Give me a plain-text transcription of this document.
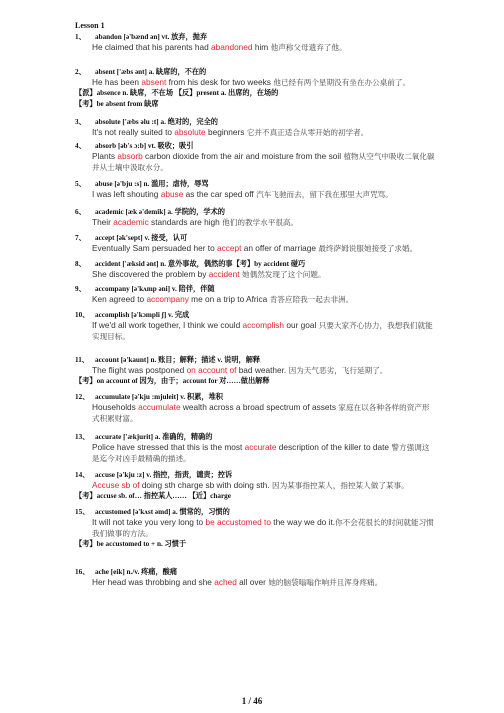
Lesson 1
1、 abandon [ə'bænd ən] vt. 放弃，抛弃
He claimed that his parents had abandoned him 他声称父母遗弃了他。
2、 absent ['æbs ənt] a. 缺席的，不在的
He has been absent from his desk for two weeks 他已经有两个星期没有坐在办公桌前了。
【派】absence n. 缺席，不在场 【反】present a. 出席的，在场的
【考】be absent from 缺席
3、 absolute ['æbs əlu :t] a. 绝对的，完全的
It's not really suited to absolute beginners 它并不真正适合从零开始的初学者。
4、 absorb [əb's ɔ:b] vt. 吸收；吸引
Plants absorb carbon dioxide from the air and moisture from the soil 植物从空气中吸收二氧化碳并从土壤中汲取水分。
5、 abuse [ə'bju :s] n. 滥用；虐待，辱骂
I was left shouting abuse as the car sped off 汽车飞驰而去，留下我在那里大声咒骂。
6、 academic [æk ə'demik] a. 学院的，学术的
Their academic standards are high 他们的教学水平很高。
7、 accept [ək'sept] v. 接受，认可
Eventually Sam persuaded her to accept an offer of marriage 最终萨姆说服她接受了求婚。
8、 accident ['æksid ənt] n. 意外事故，偶然的事【考】by accident 碰巧
She discovered the problem by accident 她偶然发现了这个问题。
9、 accompany [ə'kʌmp əni] v. 陪伴，伴随
Ken agreed to accompany me on a trip to Africa 肯答应陪我一起去非洲。
10、 accomplish [ə'kɔmpli ʃ] v. 完成
If we'd all work together, I think we could accomplish our goal 只要大家齐心协力，我想我们就能实现目标。
11、 account [ə'kaunt] n. 账目；解释；描述 v. 说明，解释
The flight was postponed on account of bad weather. 因为天气恶劣，飞行延期了。
【考】on account of 因为，由于；account for 对……做出解释
12、 accumulate [ə'kju :mjuleit] v. 积累，堆积
Households accumulate wealth across a broad spectrum of assets 家庭在以各种各样的资产形式积累财富。
13、 accurate ['ækjurit] a. 准确的，精确的
Police have stressed that this is the most accurate description of the killer to date 警方强调这是迄今对凶手最精确的描述。
14、 accuse [ə'kju :z] v. 指控，指责，谴责；控诉
Accuse sb of doing sth charge sb with doing sth. 因为某事指控某人，指控某人做了某事。
【考】accuse sb. of… 指控某人…… 【近】charge
15、 accustomed [ə'kʌst əmd] a. 惯常的，习惯的
It will not take you very long to be accustomed to the way we do it.你不会花很长的时间就能习惯我们做事的方法。
【考】be accustomed to + n. 习惯于
16、 ache [eik] n./v. 疼痛，酸痛
Her head was throbbing and she ached all over 她的脑袋嗡嗡作响并且浑身疼痛。
1 / 46
